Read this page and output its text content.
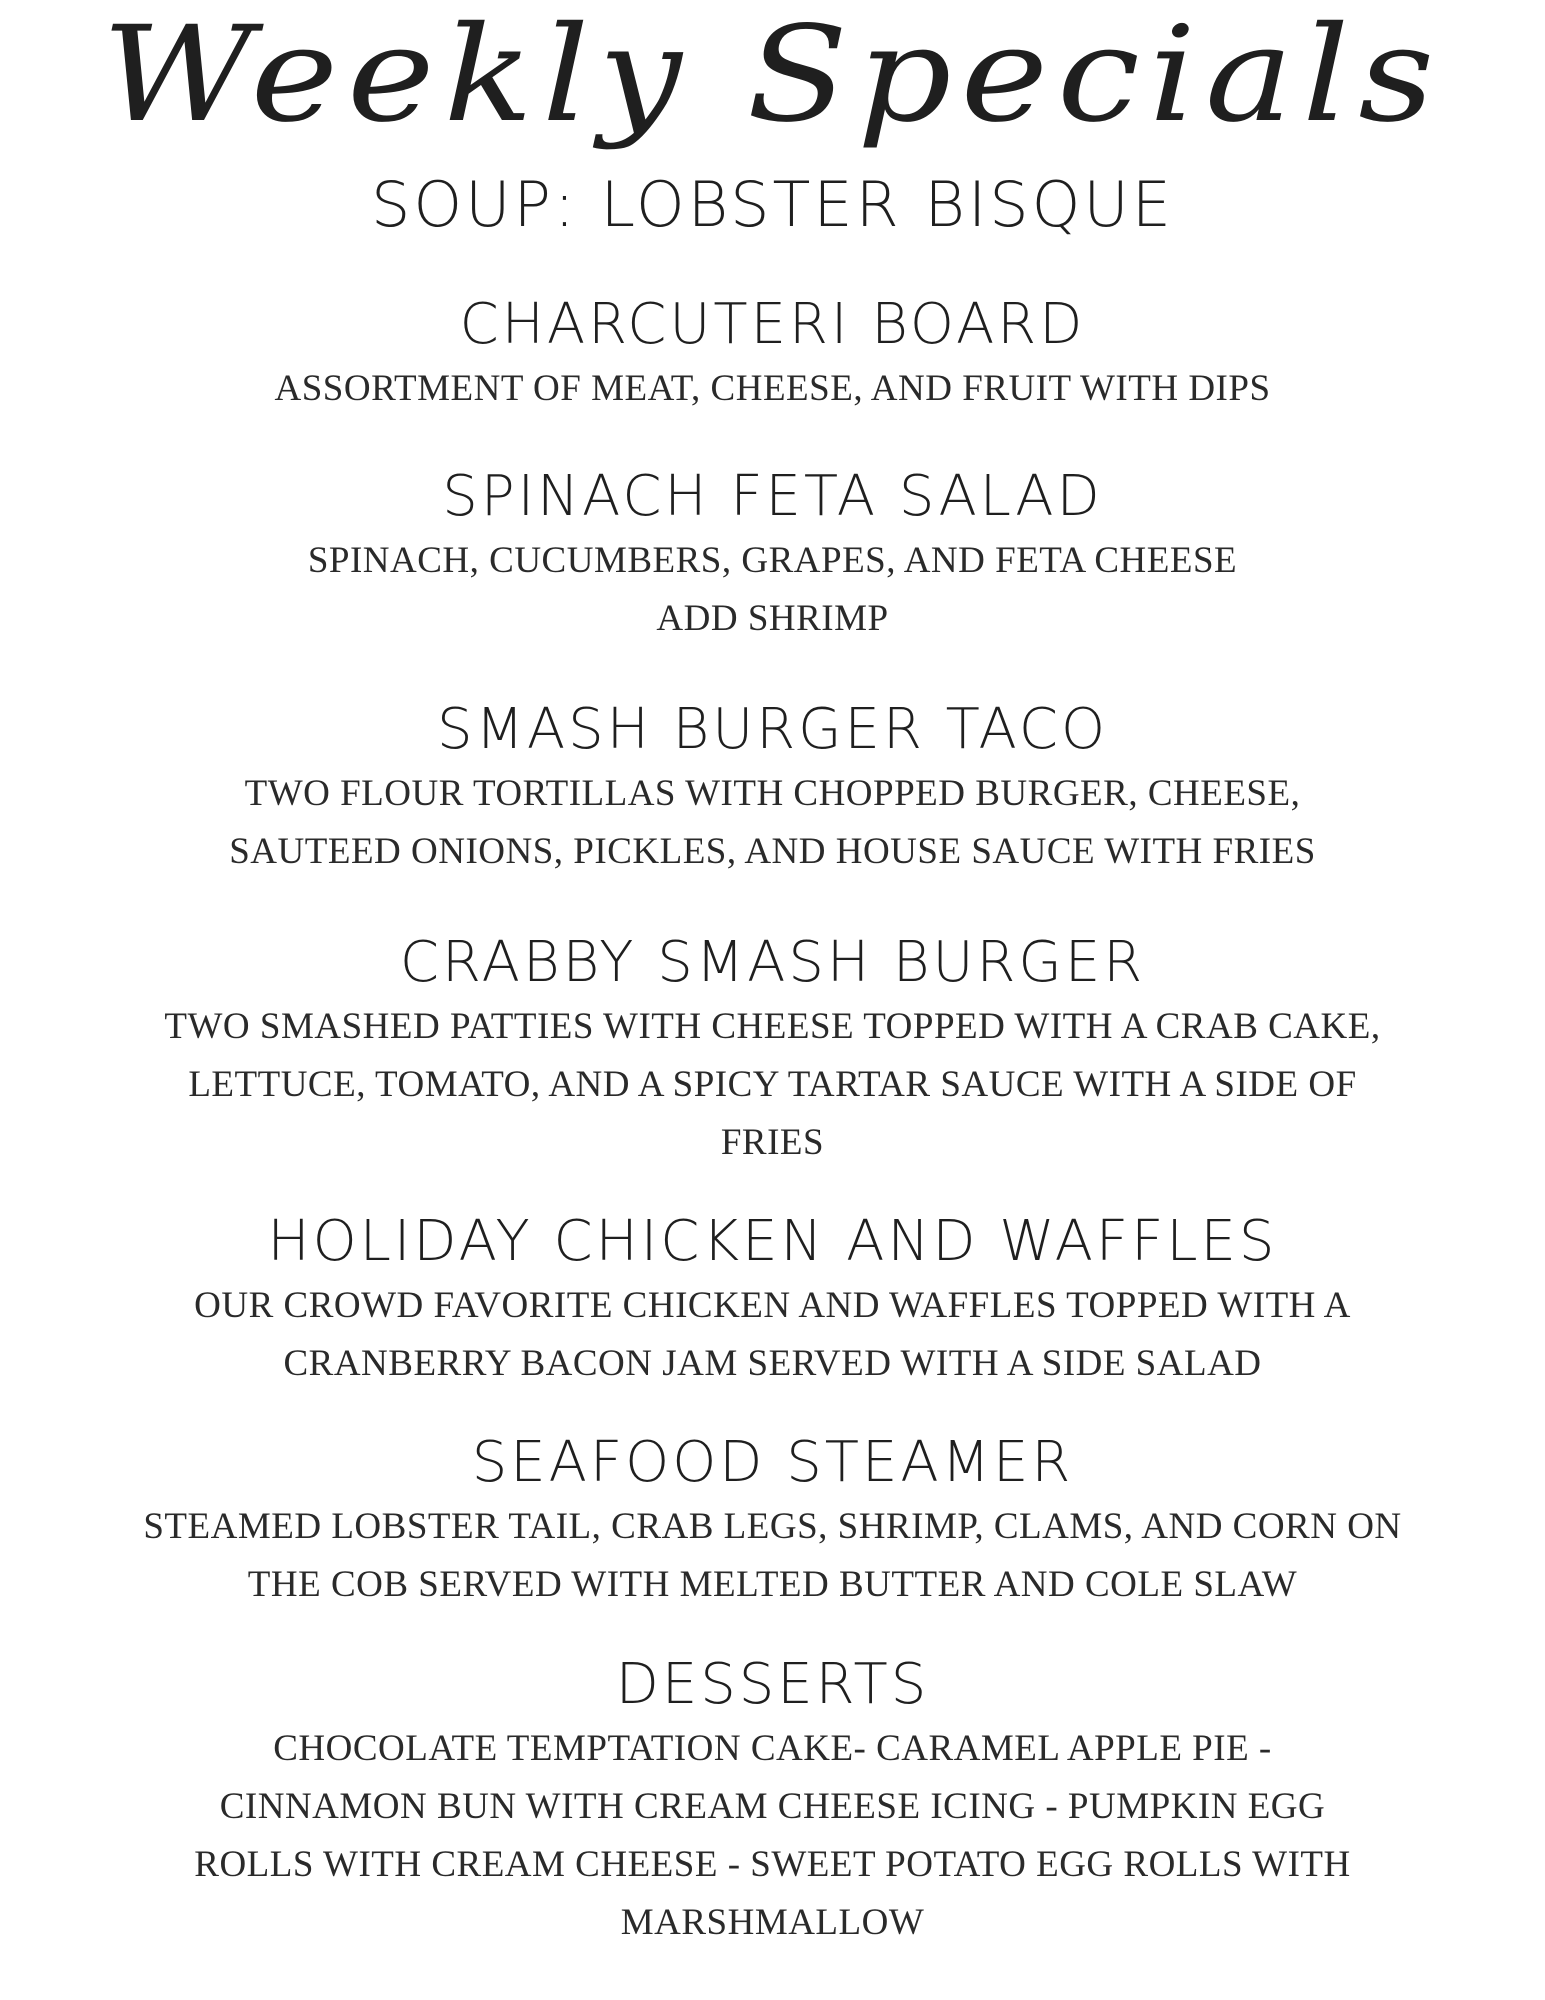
Weekly Specials
SOUP: LOBSTER BISQUE
CHARCUTERI BOARD
ASSORTMENT OF MEAT, CHEESE, AND FRUIT WITH DIPS
SPINACH FETA SALAD
SPINACH, CUCUMBERS, GRAPES, AND FETA CHEESE
ADD SHRIMP
SMASH BURGER TACO
TWO FLOUR TORTILLAS WITH CHOPPED BURGER, CHEESE,
SAUTEED ONIONS, PICKLES, AND HOUSE SAUCE WITH FRIES
CRABBY SMASH BURGER
TWO SMASHED PATTIES WITH CHEESE TOPPED WITH A CRAB CAKE,
LETTUCE, TOMATO, AND A SPICY TARTAR SAUCE WITH A SIDE OF
FRIES
HOLIDAY CHICKEN AND WAFFLES
OUR CROWD FAVORITE CHICKEN AND WAFFLES TOPPED WITH A
CRANBERRY BACON JAM SERVED WITH A SIDE SALAD
SEAFOOD STEAMER
STEAMED LOBSTER TAIL, CRAB LEGS, SHRIMP, CLAMS, AND CORN ON
THE COB SERVED WITH MELTED BUTTER AND COLE SLAW
DESSERTS
CHOCOLATE TEMPTATION CAKE- CARAMEL APPLE PIE -
CINNAMON BUN WITH CREAM CHEESE ICING - PUMPKIN EGG
ROLLS WITH CREAM CHEESE - SWEET POTATO EGG ROLLS WITH
MARSHMALLOW
